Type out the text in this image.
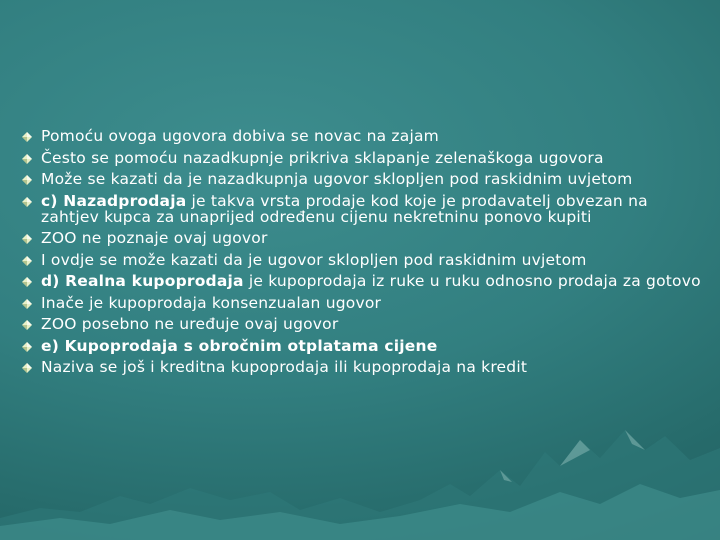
Pomoću ovoga ugovora dobiva se novac na zajam
Često se pomoću nazadkupnje prikriva sklapanje zelenaškoga ugovora
Može se kazati da je nazadkupnja ugovor sklopljen pod raskidnim uvjetom
c) Nazadprodaja je takva vrsta prodaje kod koje je prodavatelj obvezan na zahtjev kupca za unaprijed određenu cijenu nekretninu ponovo kupiti
ZOO ne poznaje ovaj ugovor
I ovdje se može kazati da je ugovor sklopljen pod raskidnim uvjetom
d) Realna kupoprodaja je kupoprodaja iz ruke u ruku odnosno prodaja za gotovo
Inače je kupoprodaja konsenzualan ugovor
ZOO posebno ne uređuje ovaj ugovor
e) Kupoprodaja s obročnim otplatama cijene
Naziva se još i kreditna kupoprodaja ili kupoprodaja na kredit
